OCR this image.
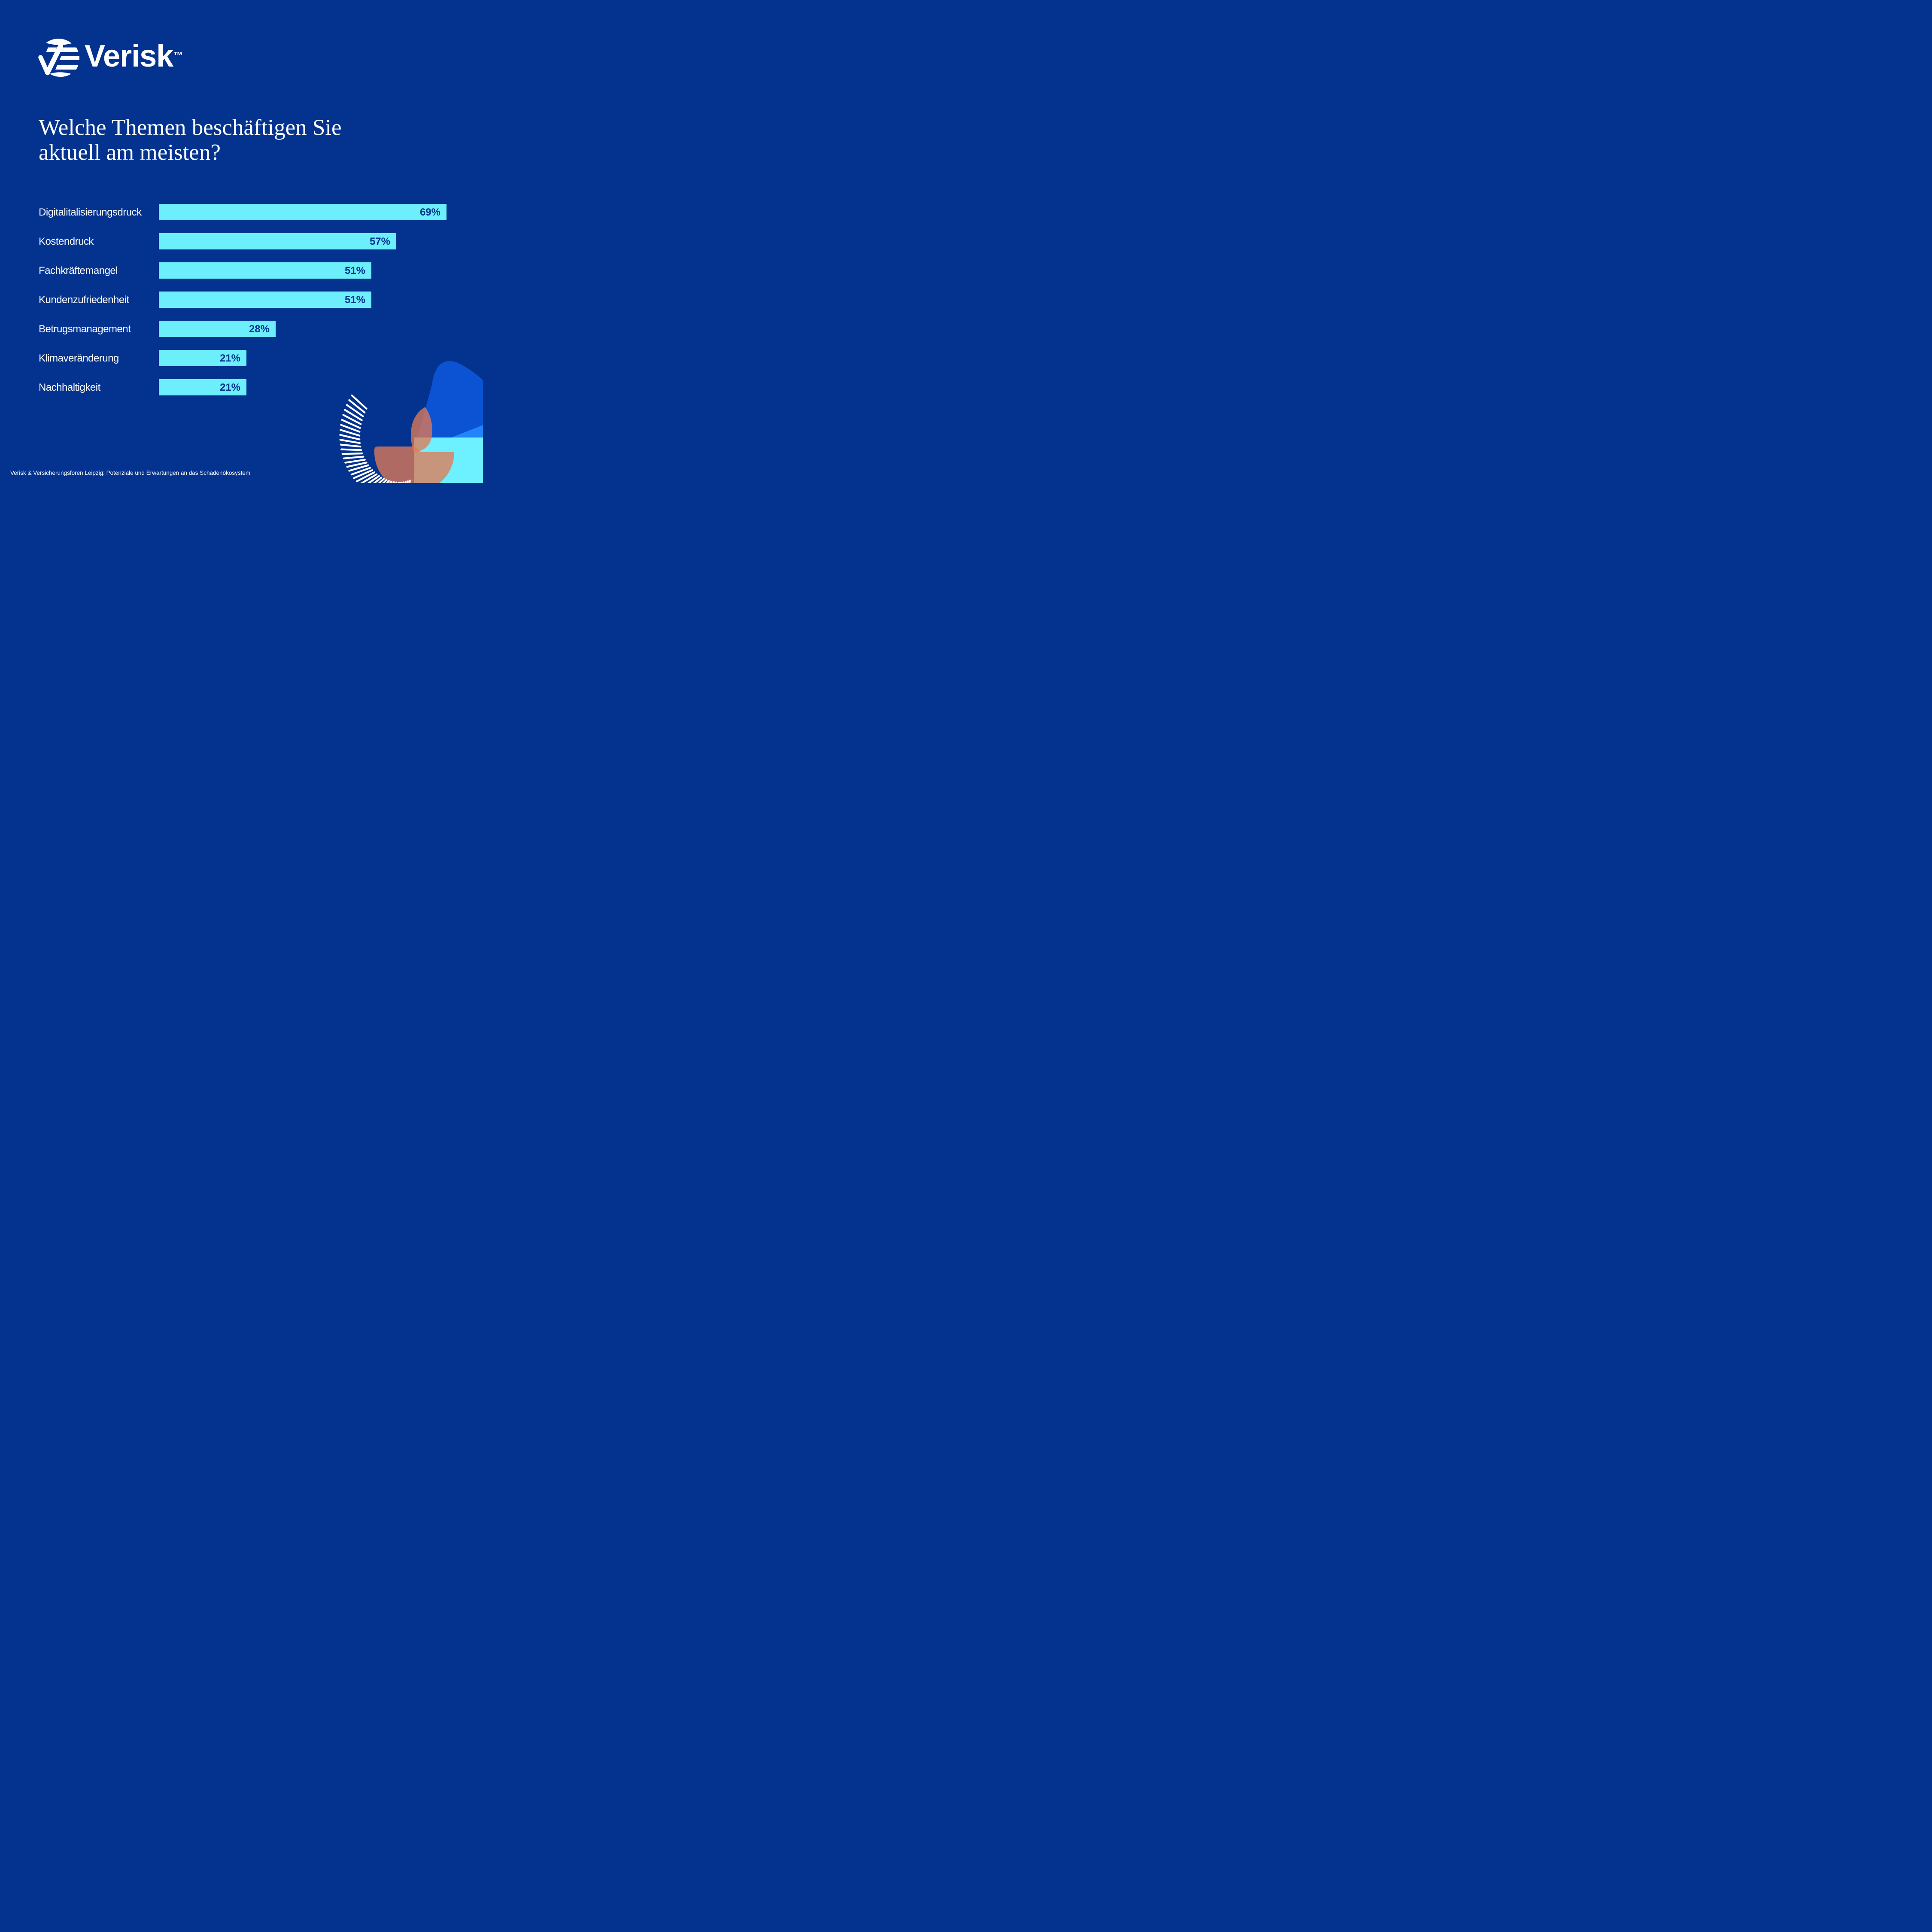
Verisk ™
Welche Themen beschäftigen Sie aktuell am meisten?
Digitalitalisierungsdruck	69%
Kostendruck	57%
Fachkräftemangel	51%
Kundenzufriedenheit	51%
Betrugsmanagement	28%
Klimaveränderung	21%
Nachhaltigkeit	21%
Verisk & Versicherungsforen Leipzig: Potenziale und Erwartungen an das Schadenökosystem
